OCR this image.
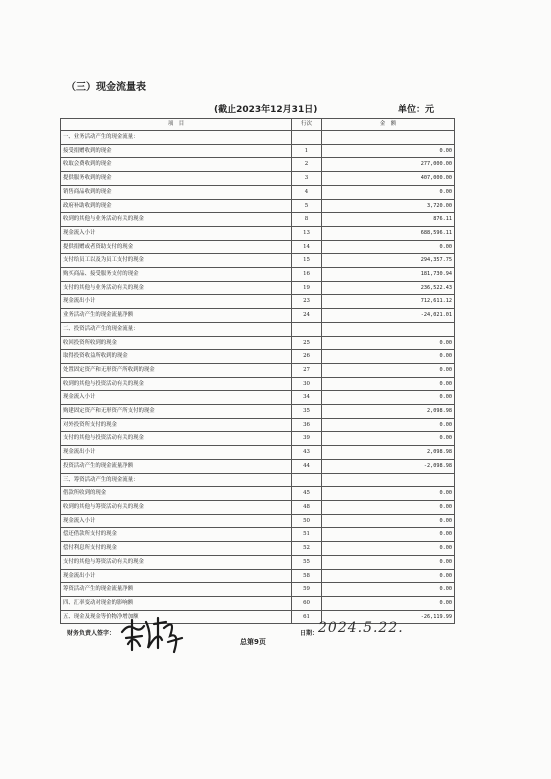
（三）现金流量表
(截止2023年12月31日)	单位：元
项　目	行次	金　额
一、业务活动产生的现金流量：		
接受捐赠收到的现金	1	0.00
收取会费收到的现金	2	277,000.00
提供服务收到的现金	3	407,000.00
销售商品收到的现金	4	0.00
政府补助收到的现金	5	3,720.00
收到的其他与业务活动有关的现金	8	876.11
现金流入小计	13	688,596.11
提供捐赠或者资助支付的现金	14	0.00
支付给员工以及为员工支付的现金	15	294,357.75
购买商品、接受服务支付的现金	16	181,730.94
支付的其他与业务活动有关的现金	19	236,522.43
现金流出小计	23	712,611.12
业务活动产生的现金流量净额	24	-24,021.01
二、投资活动产生的现金流量：		
收回投资所收到的现金	25	0.00
取得投资收益所收到的现金	26	0.00
处置固定资产和无形资产所收到的现金	27	0.00
收到的其他与投资活动有关的现金	30	0.00
现金流入小计	34	0.00
购建固定资产和无形资产所支付的现金	35	2,098.98
对外投资所支付的现金	36	0.00
支付的其他与投资活动有关的现金	39	0.00
现金流出小计	43	2,098.98
投资活动产生的现金流量净额	44	-2,098.98
三、筹资活动产生的现金流量：		
借款所收到的现金	45	0.00
收到的其他与筹资活动有关的现金	48	0.00
现金流入小计	50	0.00
偿还借款所支付的现金	51	0.00
偿付利息所支付的现金	52	0.00
支付的其他与筹资活动有关的现金	55	0.00
现金流出小计	58	0.00
筹资活动产生的现金流量净额	59	0.00
四、汇率变动对现金的影响额	60	0.00
五、现金及现金等价物净增加额	61	-26,119.99
财务负责人签字：	日期： 2024.5.22.
总第9页
